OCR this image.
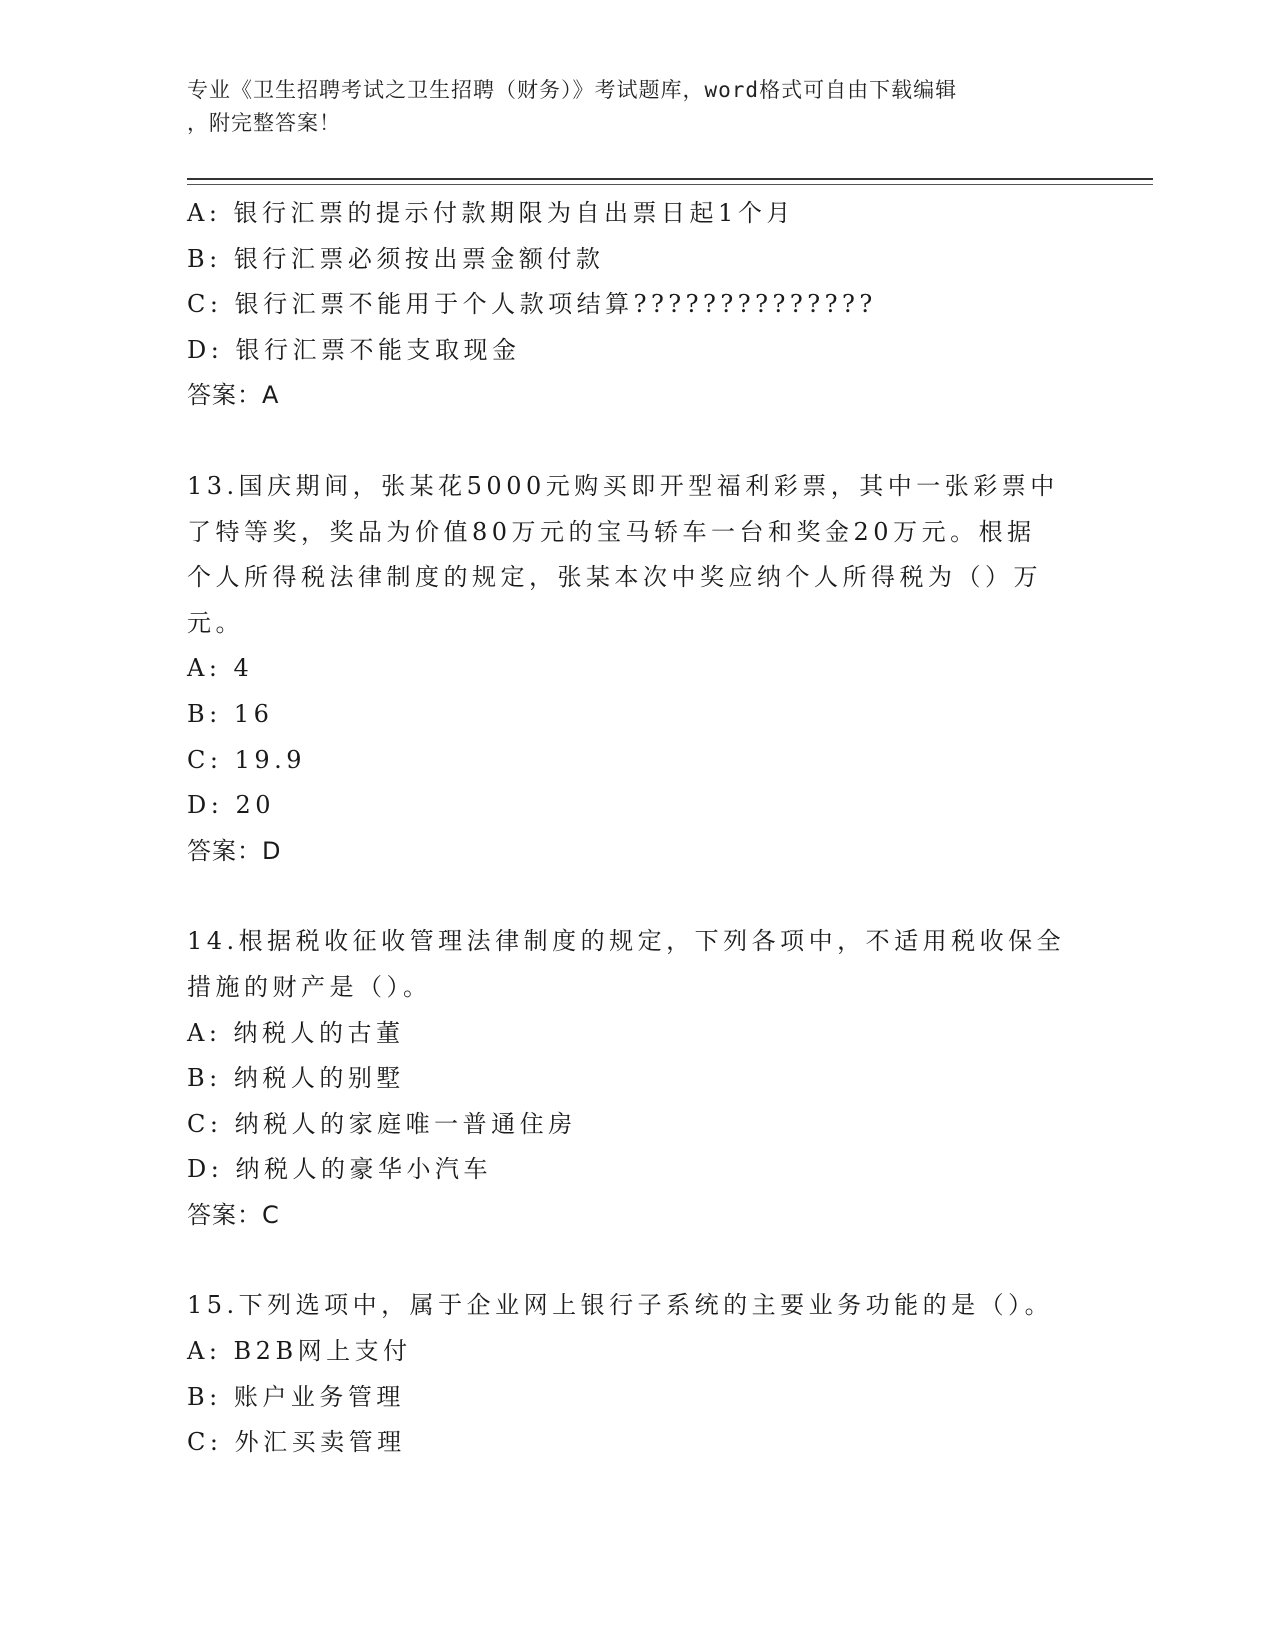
专业《卫生招聘考试之卫生招聘（财务）》考试题库，word格式可自由下载编辑
，附完整答案！
A: 银行汇票的提示付款期限为自出票日起1个月
B: 银行汇票必须按出票金额付款
C: 银行汇票不能用于个人款项结算??????????????
D: 银行汇票不能支取现金
答案：A
13.国庆期间，张某花5000元购买即开型福利彩票，其中一张彩票中
了特等奖，奖品为价值80万元的宝马轿车一台和奖金20万元。根据
个人所得税法律制度的规定，张某本次中奖应纳个人所得税为（）万
元。
A: 4
B: 16
C: 19.9
D: 20
答案：D
14.根据税收征收管理法律制度的规定，下列各项中，不适用税收保全
措施的财产是（）。
A: 纳税人的古董
B: 纳税人的别墅
C: 纳税人的家庭唯一普通住房
D: 纳税人的豪华小汽车
答案：C
15.下列选项中，属于企业网上银行子系统的主要业务功能的是（）。
A: B2B网上支付
B: 账户业务管理
C: 外汇买卖管理
